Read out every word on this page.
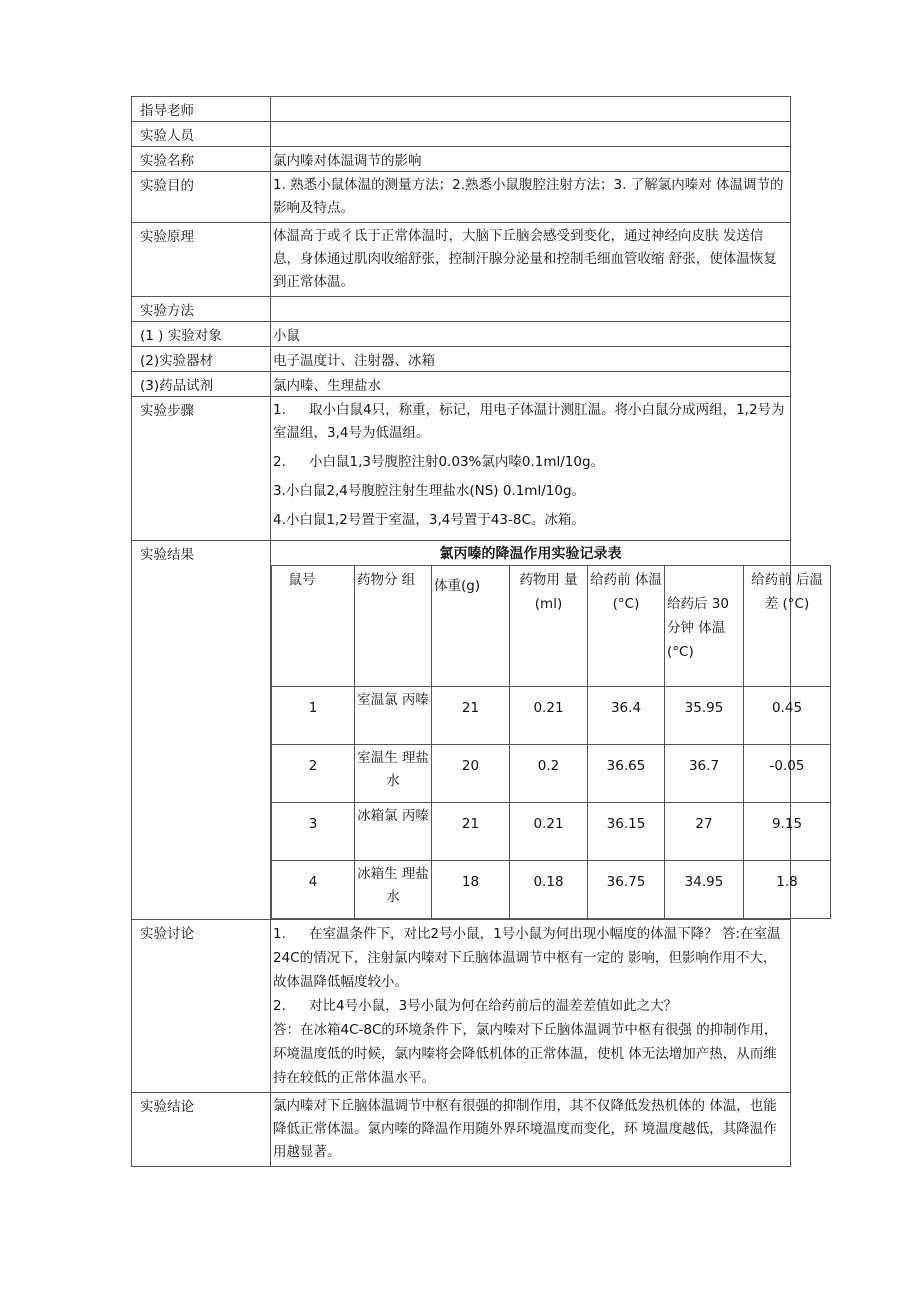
指导老师	
实验人员	
实验名称	氯内嗪对体温调节的影响
实验目的	1. 熟悉小鼠体温的测量方法；2.熟悉小鼠腹腔注射方法；3. 了解氯内嗪对 体温调节的影响及特点。
实验原理	体温高于或彳氐于正常体温时，大脑下丘脑会感受到变化，通过神经向皮肤 发送信息，身体通过肌肉收缩舒张，控制汗腺分泌量和控制毛细血管收缩 舒张，使体温恢复到正常体温。
实验方法	
(1 ) 实验对象	小鼠
(2)实验器材	电子温度计、注射器、冰箱
(3)药品试剂	氯内嗪、生理盐水
实验步骤	1. 取小白鼠4只，称重，标记，用电子体温计测肛温。将小白鼠分成两组，1,2号为室温组，3,4号为低温组。

2. 小白鼠1,3号腹腔注射0.03%氯内嗪0.1ml/10g。

3.小白鼠2,4号腹腔注射生理盐水(NS) 0.1ml/10g。

4.小白鼠1,2号置于室温，3,4号置于43-8C。冰箱。

实验结果	氯丙嗪的降温作用实验记录表
鼠号	药物分 组	体重(g)	药物用 量(ml)	给药前 体温 (°C)	给药后 30分钟 体温(°C)	给药前 后温差 (°C)
1	室温氯 丙嗪	21	0.21	36.4	35.95	0.45
2	室温生 理盐水	20	0.2	36.65	36.7	-0.05
3	冰箱氯 丙嗪	21	0.21	36.15	27	9.15
4	冰箱生 理盐水	18	0.18	36.75	34.95	1.8

实验讨论	1. 在室温条件下，对比2号小鼠，1号小鼠为何出现小幅度的体温下降？ 答:在室温24C的情况下，注射氯内嗪对下丘脑体温调节中枢有一定的 影响，但影响作用不大，故体温降低幅度较小。

2. 对比4号小鼠，3号小鼠为何在给药前后的温差差值如此之大？

答：在冰箱4C-8C的环境条件下，氯内嗪对下丘脑体温调节中枢有很强 的抑制作用，环境温度低的时候，氯内嗪将会降低机体的正常体温，使机 体无法增加产热，从而维持在较低的正常体温水平。

实验结论	氯内嗪对下丘脑体温调节中枢有很强的抑制作用，其不仅降低发热机体的 体温，也能降低正常体温。氯内嗪的降温作用随外界环境温度而变化，环 境温度越低，其降温作用越显著。
